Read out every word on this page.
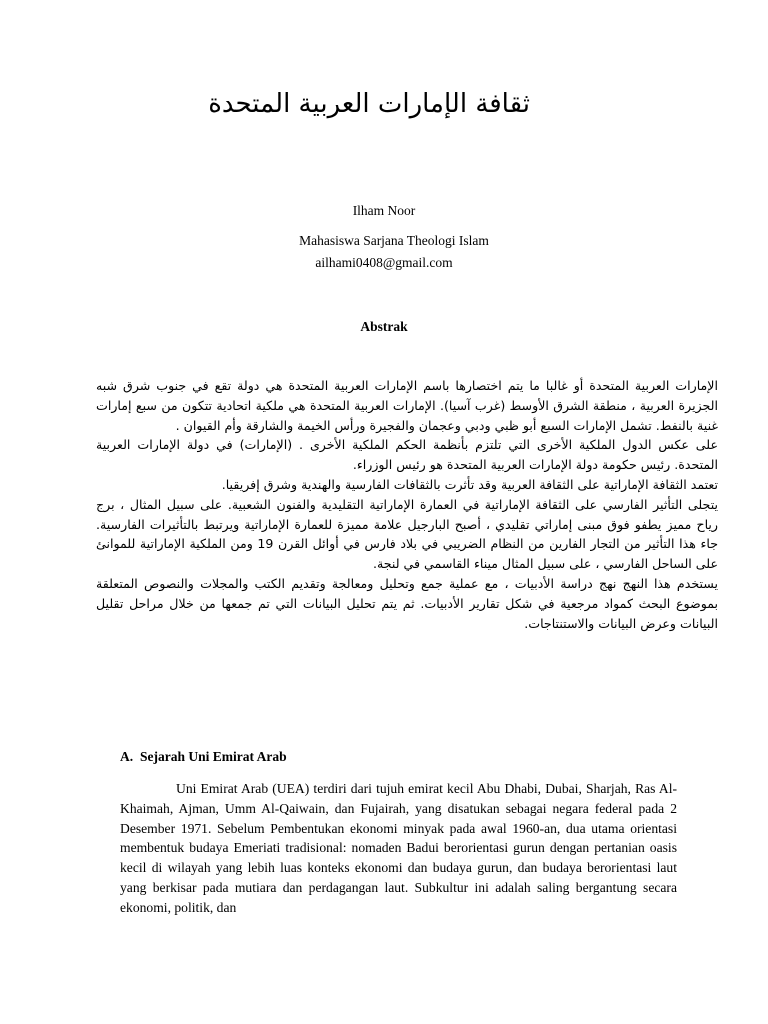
ثقافة الإمارات العربية المتحدة
Ilham Noor
Mahasiswa Sarjana Theologi Islam
ailhami0408@gmail.com
Abstrak

الإمارات العربية المتحدة أو غالبا ما يتم اختصارها باسم الإمارات العربية المتحدة هي دولة تقع في جنوب شرق شبه الجزيرة العربية ، منطقة الشرق الأوسط (غرب آسيا). الإمارات العربية المتحدة هي ملكية اتحادية تتكون من سبع إمارات غنية بالنفط. تشمل الإمارات السبع أبو ظبي ودبي وعجمان والفجيرة ورأس الخيمة والشارقة وأم القيوان .

على عكس الدول الملكية الأخرى التي تلتزم بأنظمة الحكم الملكية الأخرى . (الإمارات) في دولة الإمارات العربية المتحدة. رئيس حكومة دولة الإمارات العربية المتحدة هو رئيس الوزراء.

تعتمد الثقافة الإماراتية على الثقافة العربية وقد تأثرت بالثقافات الفارسية والهندية وشرق إفريقيا.

يتجلى التأثير الفارسي على الثقافة الإماراتية في العمارة الإماراتية التقليدية والفنون الشعبية. على سبيل المثال ، برج رياح مميز يطفو فوق مبنى إماراتي تقليدي ، أصبح البارجيل علامة مميزة للعمارة الإماراتية ويرتبط بالتأثيرات الفارسية. جاء هذا التأثير من التجار الفارين من النظام الضريبي في بلاد فارس في أوائل القرن 19 ومن الملكية الإماراتية للموانئ على الساحل الفارسي ، على سبيل المثال ميناء القاسمي في لنجة.

يستخدم هذا النهج نهج دراسة الأدبيات ، مع عملية جمع وتحليل ومعالجة وتقديم الكتب والمجلات والنصوص المتعلقة بموضوع البحث كمواد مرجعية في شكل تقارير الأدبيات. ثم يتم تحليل البيانات التي تم جمعها من خلال مراحل تقليل البيانات وعرض البيانات والاستنتاجات.

A. Sejarah Uni Emirat Arab

Uni Emirat Arab (UEA) terdiri dari tujuh emirat kecil Abu Dhabi, Dubai, Sharjah, Ras Al-Khaimah, Ajman, Umm Al-Qaiwain, dan Fujairah, yang disatukan sebagai negara federal pada 2 Desember 1971. Sebelum Pembentukan ekonomi minyak pada awal 1960-an, dua utama orientasi membentuk budaya Emeriati tradisional: nomaden Badui berorientasi gurun dengan pertanian oasis kecil di wilayah yang lebih luas konteks ekonomi dan budaya gurun, dan budaya berorientasi laut yang berkisar pada mutiara dan perdagangan laut. Subkultur ini adalah saling bergantung secara ekonomi, politik, dan
